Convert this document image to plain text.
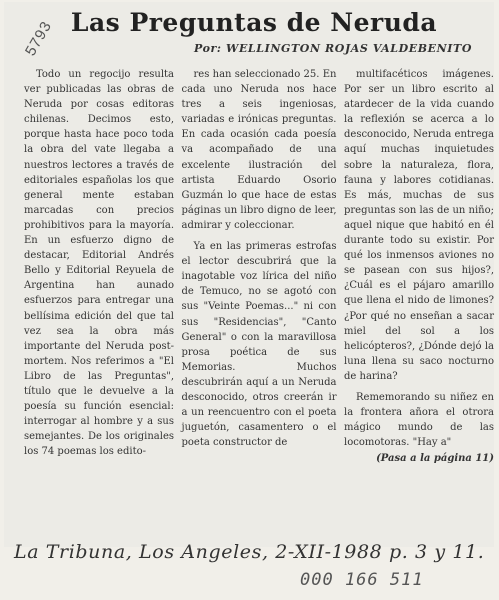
5793 Las Preguntas de Neruda
Por: WELLINGTON ROJAS VALDEBENITO

Todo un regocijo resulta ver publicadas las obras de Neruda por cosas editoras chilenas. Decimos esto, porque hasta hace poco toda la obra del vate llegaba a nuestros lectores a través de editoriales españolas los que general mente estaban marcadas con precios prohibitivos para la mayoría. En un esfuerzo digno de destacar, Editorial Andrés Bello y Editorial Reyuela de Argentina han aunado esfuerzos para entregar una bellísima edición del que tal vez sea la obra más importante del Neruda post-mortem. Nos referimos a "El Libro de las Preguntas", título que le devuelve a la poesía su función esencial: interrogar al hombre y a sus semejantes. De los originales los 74 poemas los edito-

res han seleccionado 25. En cada uno Neruda nos hace tres a seis ingeniosas, variadas e irónicas preguntas. En cada ocasión cada poesía va acompañado de una excelente ilustración del artista Eduardo Osorio Guzmán lo que hace de estas páginas un libro digno de leer, admirar y coleccionar.

Ya en las primeras estrofas el lector descubrirá que la inagotable voz lírica del niño de Temuco, no se agotó con sus "Veinte Poemas..." ni con sus "Residencias", "Canto General" o con la maravillosa prosa poética de sus Memorias. Muchos descubrirán aquí a un Neruda desconocido, otros creerán ir a un reencuentro con el poeta juguetón, casamentero o el poeta constructor de

multifacéticos imágenes. Por ser un libro escrito al atardecer de la vida cuando la reflexión se acerca a lo desconocido, Neruda entrega aquí muchas inquietudes sobre la naturaleza, flora, fauna y labores cotidianas. Es más, muchas de sus preguntas son las de un niño; aquel nique que habitó en él durante todo su existir. Por qué los inmensos aviones no se pasean con sus hijos?, ¿Cuál es el pájaro amarillo que llena el nido de limones? ¿Por qué no enseñan a sacar miel del sol a los helicópteros?, ¿Dónde dejó la luna llena su saco nocturno de harina?

Rememorando su niñez en la frontera añora el otrora mágico mundo de las locomotoras. "Hay a"

(Pasa a la página 11)
La Tribuna, Los Angeles, 2-XII-1988 p. 3 y 11.
000 166 511
